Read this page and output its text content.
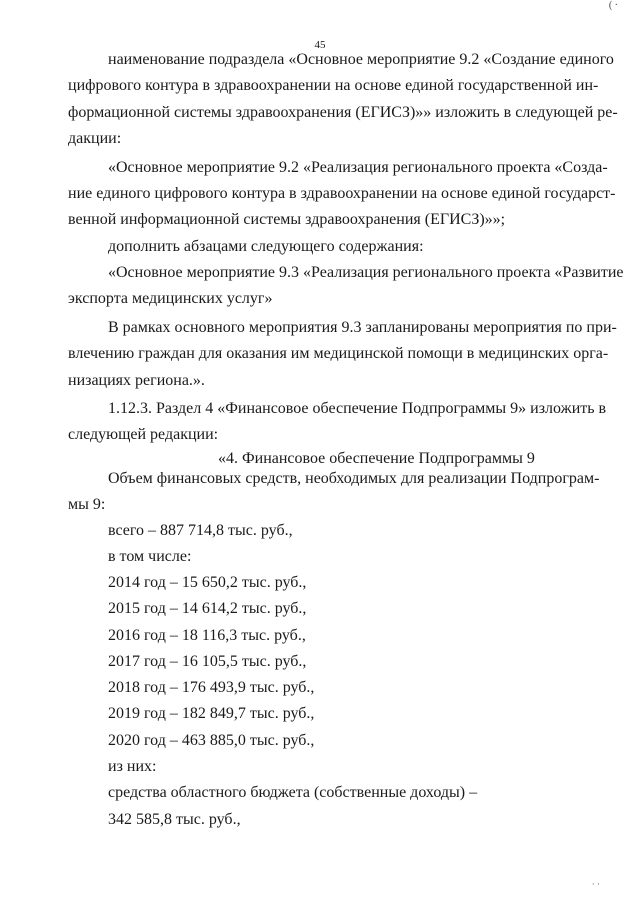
( ·
45
наименование подраздела «Основное мероприятие 9.2 «Создание единого
цифрового контура в здравоохранении на основе единой государственной ин-
формационной системы здравоохранения (ЕГИСЗ)»» изложить в следующей ре-
дакции:
«Основное мероприятие 9.2 «Реализация регионального проекта «Созда-
ние единого цифрового контура в здравоохранении на основе единой государст-
венной информационной системы здравоохранения (ЕГИСЗ)»»;
дополнить абзацами следующего содержания:
«Основное мероприятие 9.3 «Реализация регионального проекта «Развитие
экспорта медицинских услуг»
В рамках основного мероприятия 9.3 запланированы мероприятия по при-
влечению граждан для оказания им медицинской помощи в медицинских орга-
низациях региона.».
1.12.3. Раздел 4 «Финансовое обеспечение Подпрограммы 9» изложить в
следующей редакции:
«4. Финансовое обеспечение Подпрограммы 9
Объем финансовых средств, необходимых для реализации Подпрограм-
мы 9:
всего – 887 714,8 тыс. руб.,
в том числе:
2014 год – 15 650,2 тыс. руб.,
2015 год – 14 614,2 тыс. руб.,
2016 год – 18 116,3 тыс. руб.,
2017 год – 16 105,5 тыс. руб.,
2018 год – 176 493,9 тыс. руб.,
2019 год – 182 849,7 тыс. руб.,
2020 год – 463 885,0 тыс. руб.,
из них:
средства областного бюджета (собственные доходы) –
342 585,8 тыс. руб.,
· ·
